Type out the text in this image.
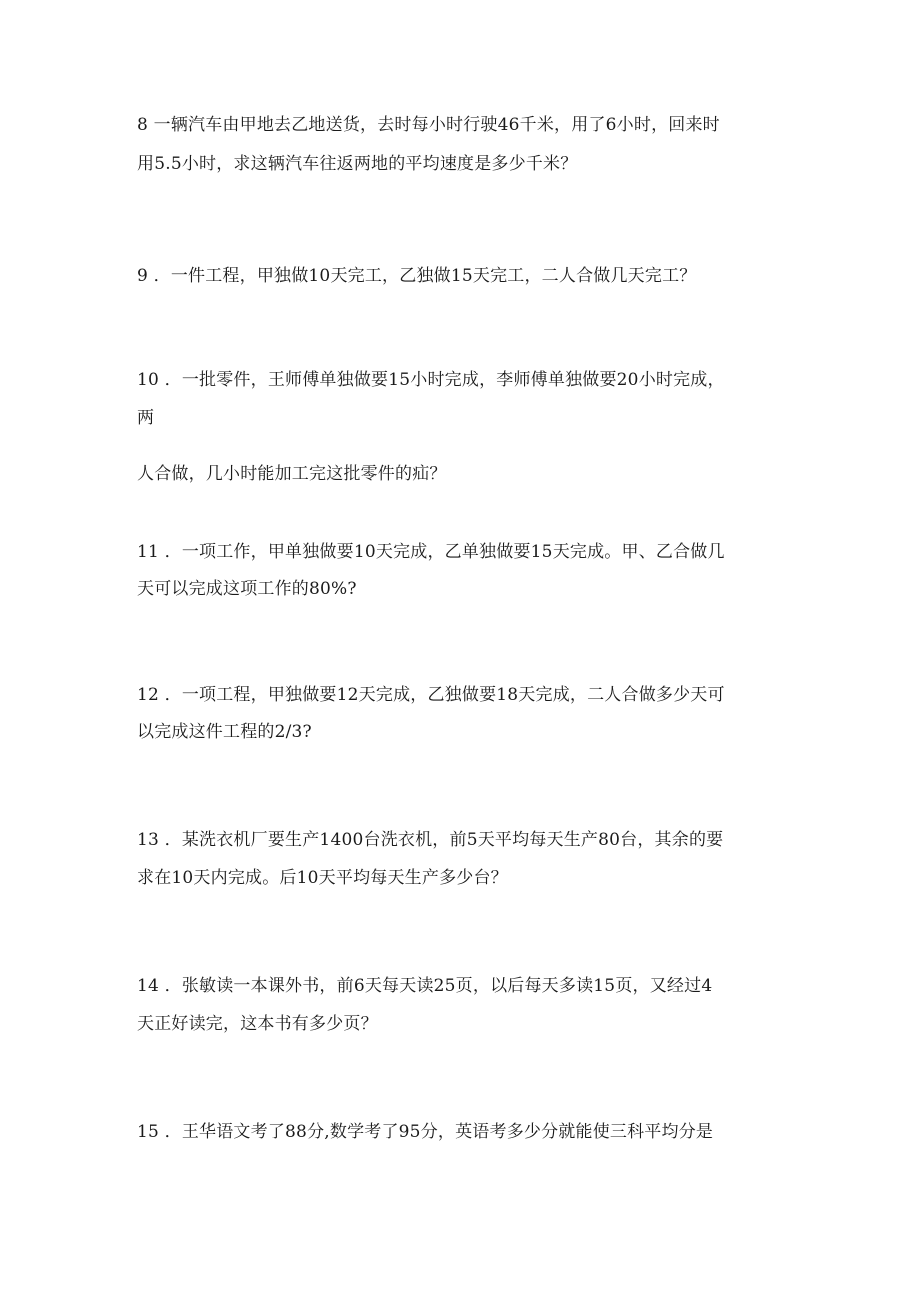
8 一辆汽车由甲地去乙地送货，去时每小时行驶46千米，用了6小时，回来时
用5.5小时，求这辆汽车往返两地的平均速度是多少千米？
9 ．一件工程，甲独做10天完工，乙独做15天完工，二人合做几天完工？
10 ．一批零件，王师傅单独做要15小时完成，李师傅单独做要20小时完成，
两
人合做，几小时能加工完这批零件的疝？
11 ．一项工作，甲单独做要10天完成，乙单独做要15天完成。甲、乙合做几
天可以完成这项工作的80%?
12 ．一项工程，甲独做要12天完成，乙独做要18天完成，二人合做多少天可
以完成这件工程的2/3?
13 ．某洗衣机厂要生产1400台洗衣机，前5天平均每天生产80台，其余的要
求在10天内完成。后10天平均每天生产多少台？
14 ．张敏读一本课外书，前6天每天读25页，以后每天多读15页，又经过4
天正好读完，这本书有多少页？
15 ．王华语文考了88分,数学考了95分，英语考多少分就能使三科平均分是
